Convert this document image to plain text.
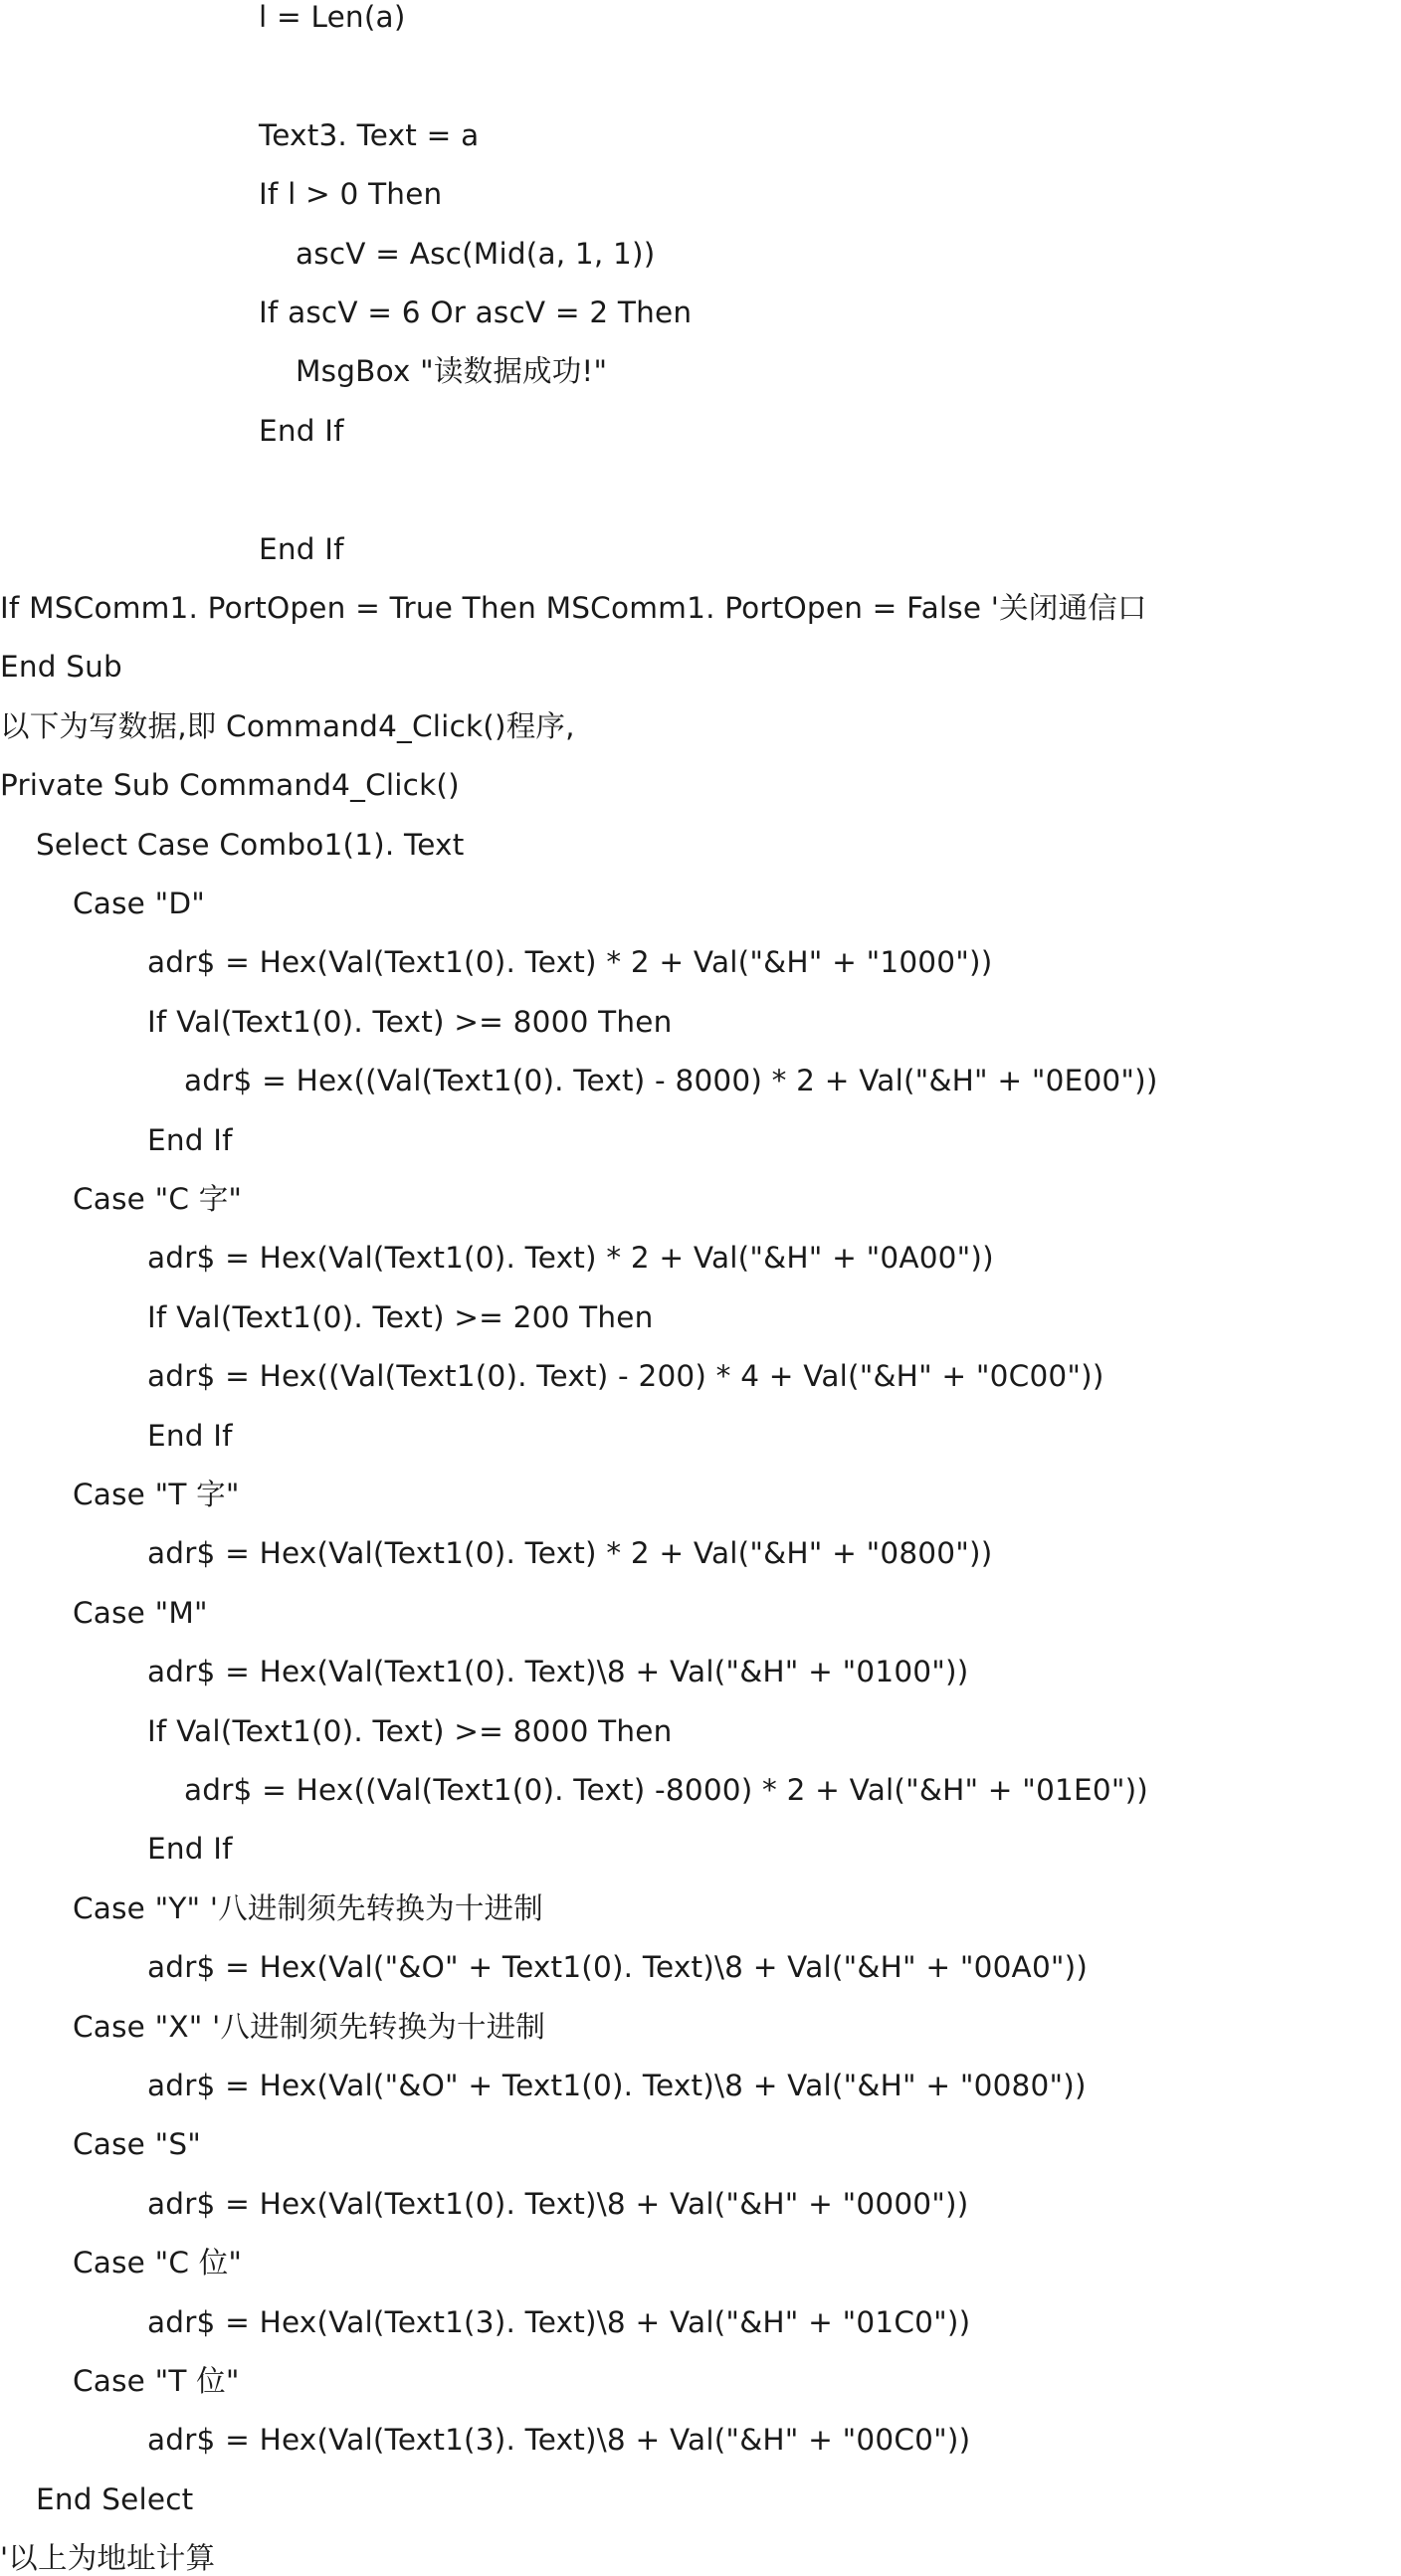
l = Len(a)
Text3. Text = a
If l > 0 Then
ascV = Asc(Mid(a, 1, 1))
If ascV = 6 Or ascV = 2 Then
MsgBox "读数据成功!"
End If
End If
If MSComm1. PortOpen = True Then MSComm1. PortOpen = False '关闭通信口
End Sub
以下为写数据,即 Command4_Click()程序,
Private Sub Command4_Click()
Select Case Combo1(1). Text
Case "D"
adr$ = Hex(Val(Text1(0). Text) * 2 + Val("&H" + "1000"))
If Val(Text1(0). Text) >= 8000 Then
adr$ = Hex((Val(Text1(0). Text) - 8000) * 2 + Val("&H" + "0E00"))
End If
Case "C 字"
adr$ = Hex(Val(Text1(0). Text) * 2 + Val("&H" + "0A00"))
If Val(Text1(0). Text) >= 200 Then
adr$ = Hex((Val(Text1(0). Text) - 200) * 4 + Val("&H" + "0C00"))
End If
Case "T 字"
adr$ = Hex(Val(Text1(0). Text) * 2 + Val("&H" + "0800"))
Case "M"
adr$ = Hex(Val(Text1(0). Text)\8 + Val("&H" + "0100"))
If Val(Text1(0). Text) >= 8000 Then
adr$ = Hex((Val(Text1(0). Text) -8000) * 2 + Val("&H" + "01E0"))
End If
Case "Y" '八进制须先转换为十进制
adr$ = Hex(Val("&O" + Text1(0). Text)\8 + Val("&H" + "00A0"))
Case "X" '八进制须先转换为十进制
adr$ = Hex(Val("&O" + Text1(0). Text)\8 + Val("&H" + "0080"))
Case "S"
adr$ = Hex(Val(Text1(0). Text)\8 + Val("&H" + "0000"))
Case "C 位"
adr$ = Hex(Val(Text1(3). Text)\8 + Val("&H" + "01C0"))
Case "T 位"
adr$ = Hex(Val(Text1(3). Text)\8 + Val("&H" + "00C0"))
End Select
'以上为地址计算
